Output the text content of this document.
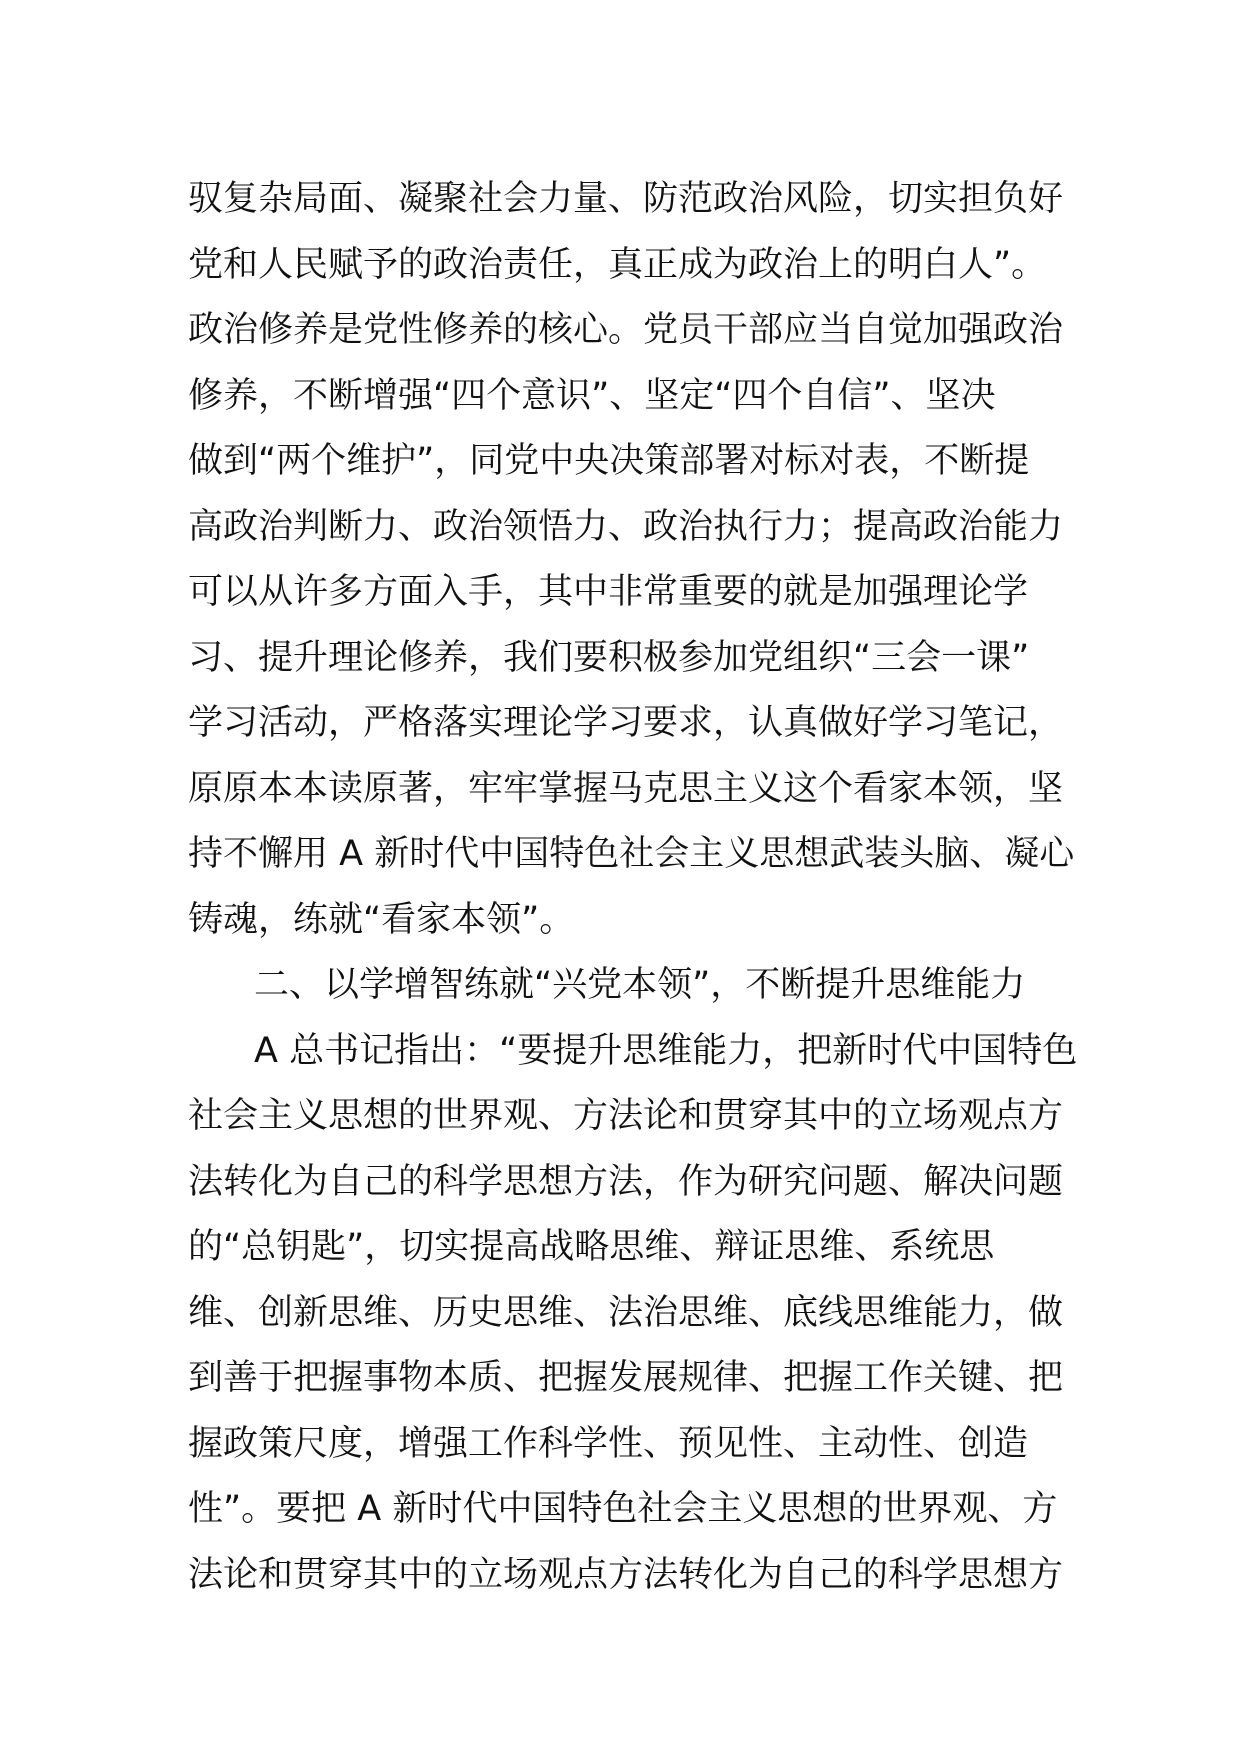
驭复杂局面、凝聚社会力量、防范政治风险，切实担负好
党和人民赋予的政治责任，真正成为政治上的明白人”。
政治修养是党性修养的核心。党员干部应当自觉加强政治
修养，不断增强“四个意识”、坚定“四个自信”、坚决
做到“两个维护”，同党中央决策部署对标对表，不断提
高政治判断力、政治领悟力、政治执行力；提高政治能力
可以从许多方面入手，其中非常重要的就是加强理论学
习、提升理论修养，我们要积极参加党组织“三会一课”
学习活动，严格落实理论学习要求，认真做好学习笔记，
原原本本读原著，牢牢掌握马克思主义这个看家本领，坚
持不懈用 A 新时代中国特色社会主义思想武装头脑、凝心
铸魂，练就“看家本领”。
二、以学增智练就“兴党本领”，不断提升思维能力
A 总书记指出：“要提升思维能力，把新时代中国特色
社会主义思想的世界观、方法论和贯穿其中的立场观点方
法转化为自己的科学思想方法，作为研究问题、解决问题
的“总钥匙”，切实提高战略思维、辩证思维、系统思
维、创新思维、历史思维、法治思维、底线思维能力，做
到善于把握事物本质、把握发展规律、把握工作关键、把
握政策尺度，增强工作科学性、预见性、主动性、创造
性”。要把 A 新时代中国特色社会主义思想的世界观、方
法论和贯穿其中的立场观点方法转化为自己的科学思想方
